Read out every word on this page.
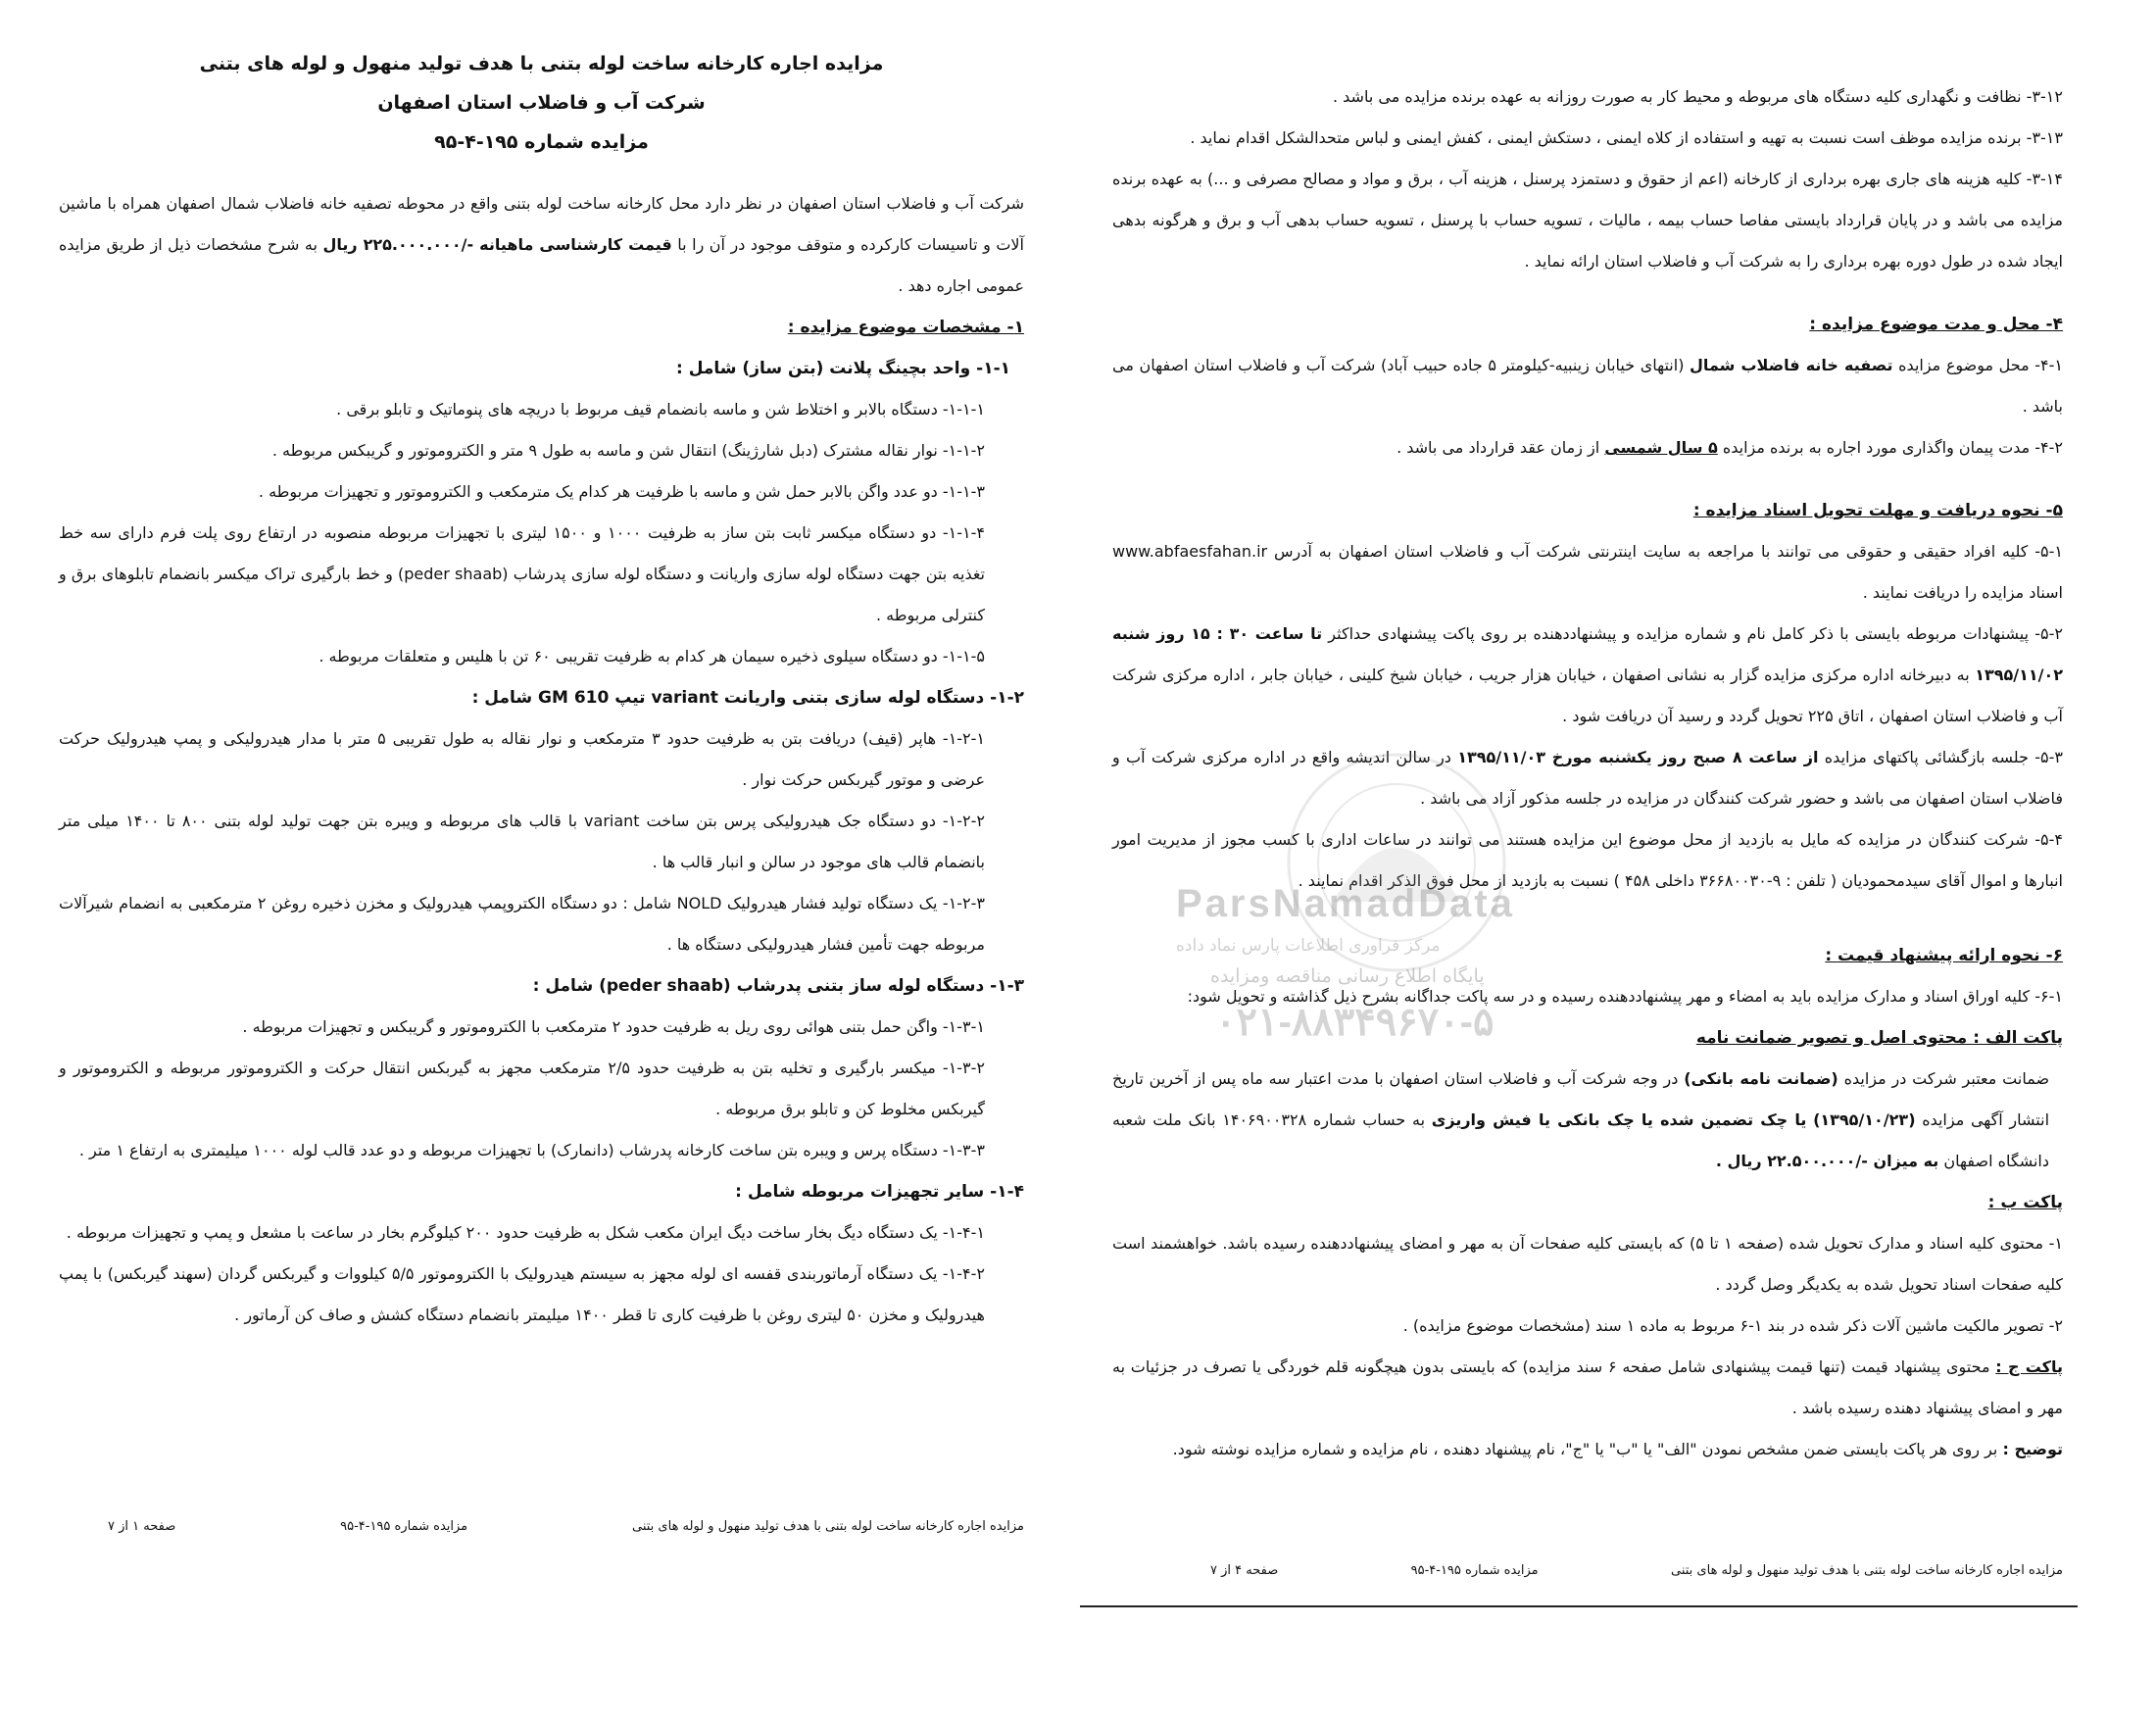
مزایده اجاره کارخانه ساخت لوله بتنی با هدف تولید منهول و لوله های بتنی

شرکت آب و فاضلاب استان اصفهان

مزایده شماره ۱۹۵-۴-۹۵

شرکت آب و فاضلاب استان اصفهان در نظر دارد محل کارخانه ساخت لوله بتنی واقع در محوطه تصفیه خانه فاضلاب شمال اصفهان همراه با ماشین آلات و تاسیسات کارکرده و متوقف موجود در آن را با قیمت کارشناسی ماهیانه -/۲۲۵.۰۰۰.۰۰۰ ریال به شرح مشخصات ذیل از طریق مزایده عمومی اجاره دهد .

۱- مشخصات موضوع مزایده :

۱-۱- واحد بچینگ پلانت (بتن ساز) شامل :

۱-۱-۱- دستگاه بالابر و اختلاط شن و ماسه بانضمام قیف مربوط با دریچه های پنوماتیک و تابلو برقی .

۱-۱-۲- نوار نقاله مشترک (دبل شارژینگ) انتقال شن و ماسه به طول ۹ متر و الکتروموتور و گریبکس مربوطه .

۱-۱-۳- دو عدد واگن بالابر حمل شن و ماسه با ظرفیت هر کدام یک مترمکعب و الکتروموتور و تجهیزات مربوطه .

۱-۱-۴- دو دستگاه میکسر ثابت بتن ساز به ظرفیت ۱۰۰۰ و ۱۵۰۰ لیتری با تجهیزات مربوطه منصوبه در ارتفاع روی پلت فرم دارای سه خط تغذیه بتن جهت دستگاه لوله سازی واریانت و دستگاه لوله سازی پدرشاب (peder shaab) و خط بارگیری تراک میکسر بانضمام تابلوهای برق و کنترلی مربوطه .

۱-۱-۵- دو دستگاه سیلوی ذخیره سیمان هر کدام به ظرفیت تقریبی ۶۰ تن با هلیس و متعلقات مربوطه .

۱-۲- دستگاه لوله سازی بتنی واریانت variant تیپ GM 610 شامل :

۱-۲-۱- هاپر (قیف) دریافت بتن به ظرفیت حدود ۳ مترمکعب و نوار نقاله به طول تقریبی ۵ متر با مدار هیدرولیکی و پمپ هیدرولیک حرکت عرضی و موتور گیربکس حرکت نوار .

۱-۲-۲- دو دستگاه جک هیدرولیکی پرس بتن ساخت variant با قالب های مربوطه و ویبره بتن جهت تولید لوله بتنی ۸۰۰ تا ۱۴۰۰ میلی متر بانضمام قالب های موجود در سالن و انبار قالب ها .

۱-۲-۳- یک دستگاه تولید فشار هیدرولیک NOLD شامل : دو دستگاه الکتروپمپ هیدرولیک و مخزن ذخیره روغن ۲ مترمکعبی به انضمام شیرآلات مربوطه جهت تأمین فشار هیدرولیکی دستگاه ها .

۱-۳- دستگاه لوله ساز بتنی پدرشاب (peder shaab) شامل :

۱-۳-۱- واگن حمل بتنی هوائی روی ریل به ظرفیت حدود ۲ مترمکعب با الکتروموتور و گریبکس و تجهیزات مربوطه .

۱-۳-۲- میکسر بارگیری و تخلیه بتن به ظرفیت حدود ۲/۵ مترمکعب مجهز به گیربکس انتقال حرکت و الکتروموتور مربوطه و الکتروموتور و گیربکس مخلوط کن و تابلو برق مربوطه .

۱-۳-۳- دستگاه پرس و ویبره بتن ساخت کارخانه پدرشاب (دانمارک) با تجهیزات مربوطه و دو عدد قالب لوله ۱۰۰۰ میلیمتری به ارتفاع ۱ متر .

۱-۴- سایر تجهیزات مربوطه شامل :

۱-۴-۱- یک دستگاه دیگ بخار ساخت دیگ ایران مکعب شکل به ظرفیت حدود ۲۰۰ کیلوگرم بخار در ساعت با مشعل و پمپ و تجهیزات مربوطه .

۱-۴-۲- یک دستگاه آرماتوربندی قفسه ای لوله مجهز به سیستم هیدرولیک با الکتروموتور ۵/۵ کیلووات و گیربکس گردان (سهند گیربکس) با پمپ هیدرولیک و مخزن ۵۰ لیتری روغن با ظرفیت کاری تا قطر ۱۴۰۰ میلیمتر بانضمام دستگاه کشش و صاف کن آرماتور .

مزایده اجاره کارخانه ساخت لوله بتنی با هدف تولید منهول و لوله های بتنی
مزایده شماره ۱۹۵-۴-۹۵
صفحه ۱ از ۷

۳-۱۲- نظافت و نگهداری کلیه دستگاه های مربوطه و محیط کار به صورت روزانه به عهده برنده مزایده می باشد .

۳-۱۳- برنده مزایده موظف است نسبت به تهیه و استفاده از کلاه ایمنی ، دستکش ایمنی ، کفش ایمنی و لباس متحدالشکل اقدام نماید .

۳-۱۴- کلیه هزینه های جاری بهره برداری از کارخانه (اعم از حقوق و دستمزد پرسنل ، هزینه آب ، برق و مواد و مصالح مصرفی و ...) به عهده برنده مزایده می باشد و در پایان قرارداد بایستی مفاصا حساب بیمه ، مالیات ، تسویه حساب با پرسنل ، تسویه حساب بدهی آب و برق و هرگونه بدهی ایجاد شده در طول دوره بهره برداری را به شرکت آب و فاضلاب استان ارائه نماید .

۴- محل و مدت موضوع مزایده :

۴-۱- محل موضوع مزایده تصفیه خانه فاضلاب شمال (انتهای خیابان زینبیه-کیلومتر ۵ جاده حبیب آباد) شرکت آب و فاضلاب استان اصفهان می باشد .

۴-۲- مدت پیمان واگذاری مورد اجاره به برنده مزایده ۵ سال شمسی از زمان عقد قرارداد می باشد .

۵- نحوه دریافت و مهلت تحویل اسناد مزایده :

۵-۱- کلیه افراد حقیقی و حقوقی می توانند با مراجعه به سایت اینترنتی شرکت آب و فاضلاب استان اصفهان به آدرس www.abfaesfahan.ir اسناد مزایده را دریافت نمایند .

۵-۲- پیشنهادات مربوطه بایستی با ذکر کامل نام و شماره مزایده و پیشنهاددهنده بر روی پاکت پیشنهادی حداکثر تا ساعت ۳۰ : ۱۵ روز شنبه ۱۳۹۵/۱۱/۰۲ به دبیرخانه اداره مرکزی مزایده گزار به نشانی اصفهان ، خیابان هزار جریب ، خیابان شیخ کلینی ، خیابان جابر ، اداره مرکزی شرکت آب و فاضلاب استان اصفهان ، اتاق ۲۲۵ تحویل گردد و رسید آن دریافت شود .

۵-۳- جلسه بازگشائی پاکتهای مزایده از ساعت ۸ صبح روز یکشنبه مورخ ۱۳۹۵/۱۱/۰۳ در سالن اندیشه واقع در اداره مرکزی شرکت آب و فاضلاب استان اصفهان می باشد و حضور شرکت کنندگان در مزایده در جلسه مذکور آزاد می باشد .

۵-۴- شرکت کنندگان در مزایده که مایل به بازدید از محل موضوع این مزایده هستند می توانند در ساعات اداری با کسب مجوز از مدیریت امور انبارها و اموال آقای سیدمحمودیان ( تلفن : ۹-۳۶۶۸۰۰۳۰ داخلی ۴۵۸ ) نسبت به بازدید از محل فوق الذکر اقدام نمایند .

۶- نحوه ارائه پیشنهاد قیمت :

۶-۱- کلیه اوراق اسناد و مدارک مزایده باید به امضاء و مهر پیشنهاددهنده رسیده و در سه پاکت جداگانه بشرح ذیل گذاشته و تحویل شود:

پاکت الف : محتوی اصل و تصویر ضمانت نامه

ضمانت معتبر شرکت در مزایده (ضمانت نامه بانکی) در وجه شرکت آب و فاضلاب استان اصفهان با مدت اعتبار سه ماه پس از آخرین تاریخ انتشار آگهی مزایده (۱۳۹۵/۱۰/۲۳) یا چک تضمین شده یا چک بانکی یا فیش واریزی به حساب شماره ۱۴۰۶۹۰۰۳۲۸ بانک ملت شعبه دانشگاه اصفهان به میزان -/۲۲.۵۰۰.۰۰۰ ریال .

پاکت ب :

۱- محتوی کلیه اسناد و مدارک تحویل شده (صفحه ۱ تا ۵) که بایستی کلیه صفحات آن به مهر و امضای پیشنهاددهنده رسیده باشد. خواهشمند است کلیه صفحات اسناد تحویل شده به یکدیگر وصل گردد .

۲- تصویر مالکیت ماشین آلات ذکر شده در بند ۱-۶ مربوط به ماده ۱ سند (مشخصات موضوع مزایده) .

پاکت ج : محتوی پیشنهاد قیمت (تنها قیمت پیشنهادی شامل صفحه ۶ سند مزایده) که بایستی بدون هیچگونه قلم خوردگی یا تصرف در جزئیات به مهر و امضای پیشنهاد دهنده رسیده باشد .

توضیح : بر روی هر پاکت بایستی ضمن مشخص نمودن "الف" یا "ب" یا "ج"، نام پیشنهاد دهنده ، نام مزایده و شماره مزایده نوشته شود.

مزایده اجاره کارخانه ساخت لوله بتنی با هدف تولید منهول و لوله های بتنی
مزایده شماره ۱۹۵-۴-۹۵
صفحه ۴ از ۷
ParsNamadData
مرکز فراوری اطلاعات پارس نماد داده
پایگاه اطلاع رسانی مناقصه ومزایده
۰۲۱-۸۸۳۴۹۶۷۰-۵
